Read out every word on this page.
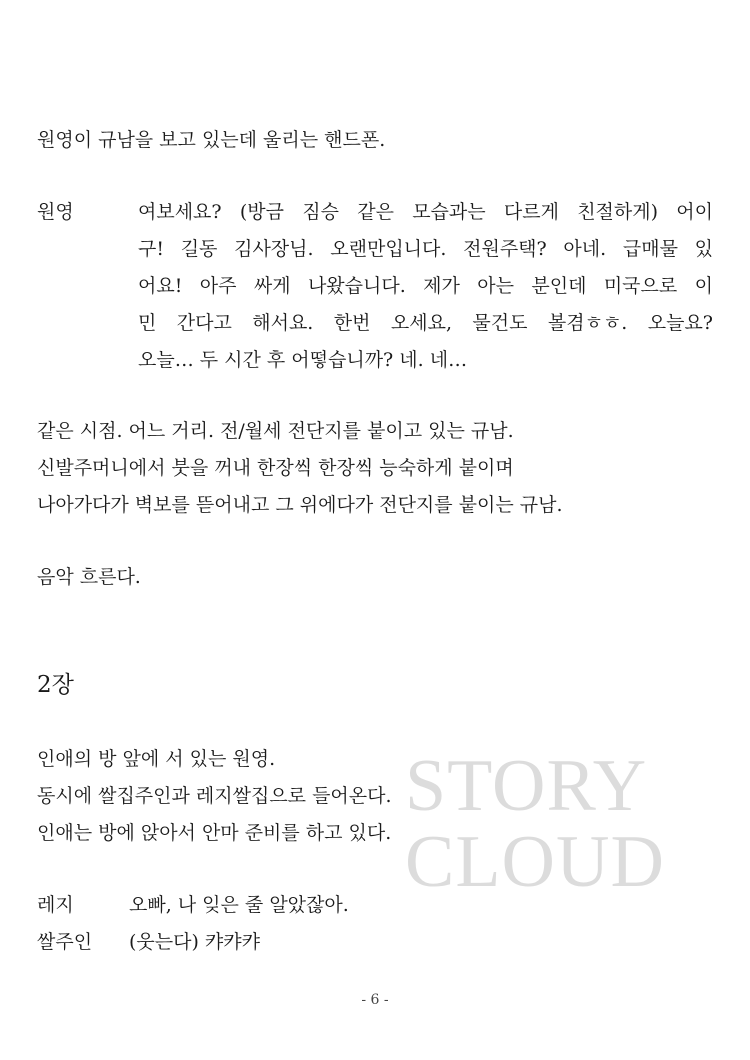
STORY
CLOUD
원영이 규남을 보고 있는데 울리는 핸드폰.
원영	여보세요? (방금 짐승 같은 모습과는 다르게 친절하게) 어이
구! 길동 김사장님. 오랜만입니다. 전원주택? 아네. 급매물 있
어요! 아주 싸게 나왔습니다. 제가 아는 분인데 미국으로 이
민 간다고 해서요. 한번 오세요, 물건도 볼겸ㅎㅎ. 오늘요?
오늘… 두 시간 후 어떻습니까? 네. 네…
같은 시점. 어느 거리. 전/월세 전단지를 붙이고 있는 규남.
신발주머니에서 붓을 꺼내 한장씩 한장씩 능숙하게 붙이며
나아가다가 벽보를 뜯어내고 그 위에다가 전단지를 붙이는 규남.
음악 흐른다.
2장
인애의 방 앞에 서 있는 원영.
동시에 쌀집주인과 레지쌀집으로 들어온다.
인애는 방에 앉아서 안마 준비를 하고 있다.
레지	오빠, 나 잊은 줄 알았잖아.
쌀주인 (웃는다) 캬캬캬
- 6 -
